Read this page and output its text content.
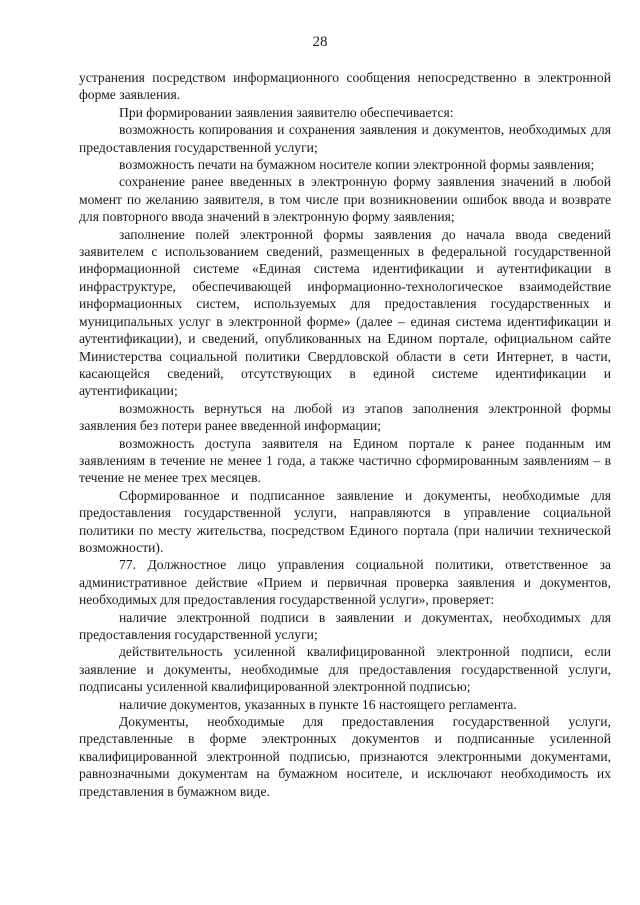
28

устранения посредством информационного сообщения непосредственно в электронной форме заявления.

При формировании заявления заявителю обеспечивается:

возможность копирования и сохранения заявления и документов, необходимых для предоставления государственной услуги;

возможность печати на бумажном носителе копии электронной формы заявления;

сохранение ранее введенных в электронную форму заявления значений в любой момент по желанию заявителя, в том числе при возникновении ошибок ввода и возврате для повторного ввода значений в электронную форму заявления;

заполнение полей электронной формы заявления до начала ввода сведений заявителем с использованием сведений, размещенных в федеральной государственной информационной системе «Единая система идентификации и аутентификации в инфраструктуре, обеспечивающей информационно-технологическое взаимодействие информационных систем, используемых для предоставления государственных и муниципальных услуг в электронной форме» (далее – единая система идентификации и аутентификации), и сведений, опубликованных на Едином портале, официальном сайте Министерства социальной политики Свердловской области в сети Интернет, в части, касающейся сведений, отсутствующих в единой системе идентификации и аутентификации;

возможность вернуться на любой из этапов заполнения электронной формы заявления без потери ранее введенной информации;

возможность доступа заявителя на Едином портале к ранее поданным им заявлениям в течение не менее 1 года, а также частично сформированным заявлениям – в течение не менее трех месяцев.

Сформированное и подписанное заявление и документы, необходимые для предоставления государственной услуги, направляются в управление социальной политики по месту жительства, посредством Единого портала (при наличии технической возможности).

77. Должностное лицо управления социальной политики, ответственное за административное действие «Прием и первичная проверка заявления и документов, необходимых для предоставления государственной услуги», проверяет:

наличие электронной подписи в заявлении и документах, необходимых для предоставления государственной услуги;

действительность усиленной квалифицированной электронной подписи, если заявление и документы, необходимые для предоставления государственной услуги, подписаны усиленной квалифицированной электронной подписью;

наличие документов, указанных в пункте 16 настоящего регламента.

Документы, необходимые для предоставления государственной услуги, представленные в форме электронных документов и подписанные усиленной квалифицированной электронной подписью, признаются электронными документами, равнозначными документам на бумажном носителе, и исключают необходимость их представления в бумажном виде.
